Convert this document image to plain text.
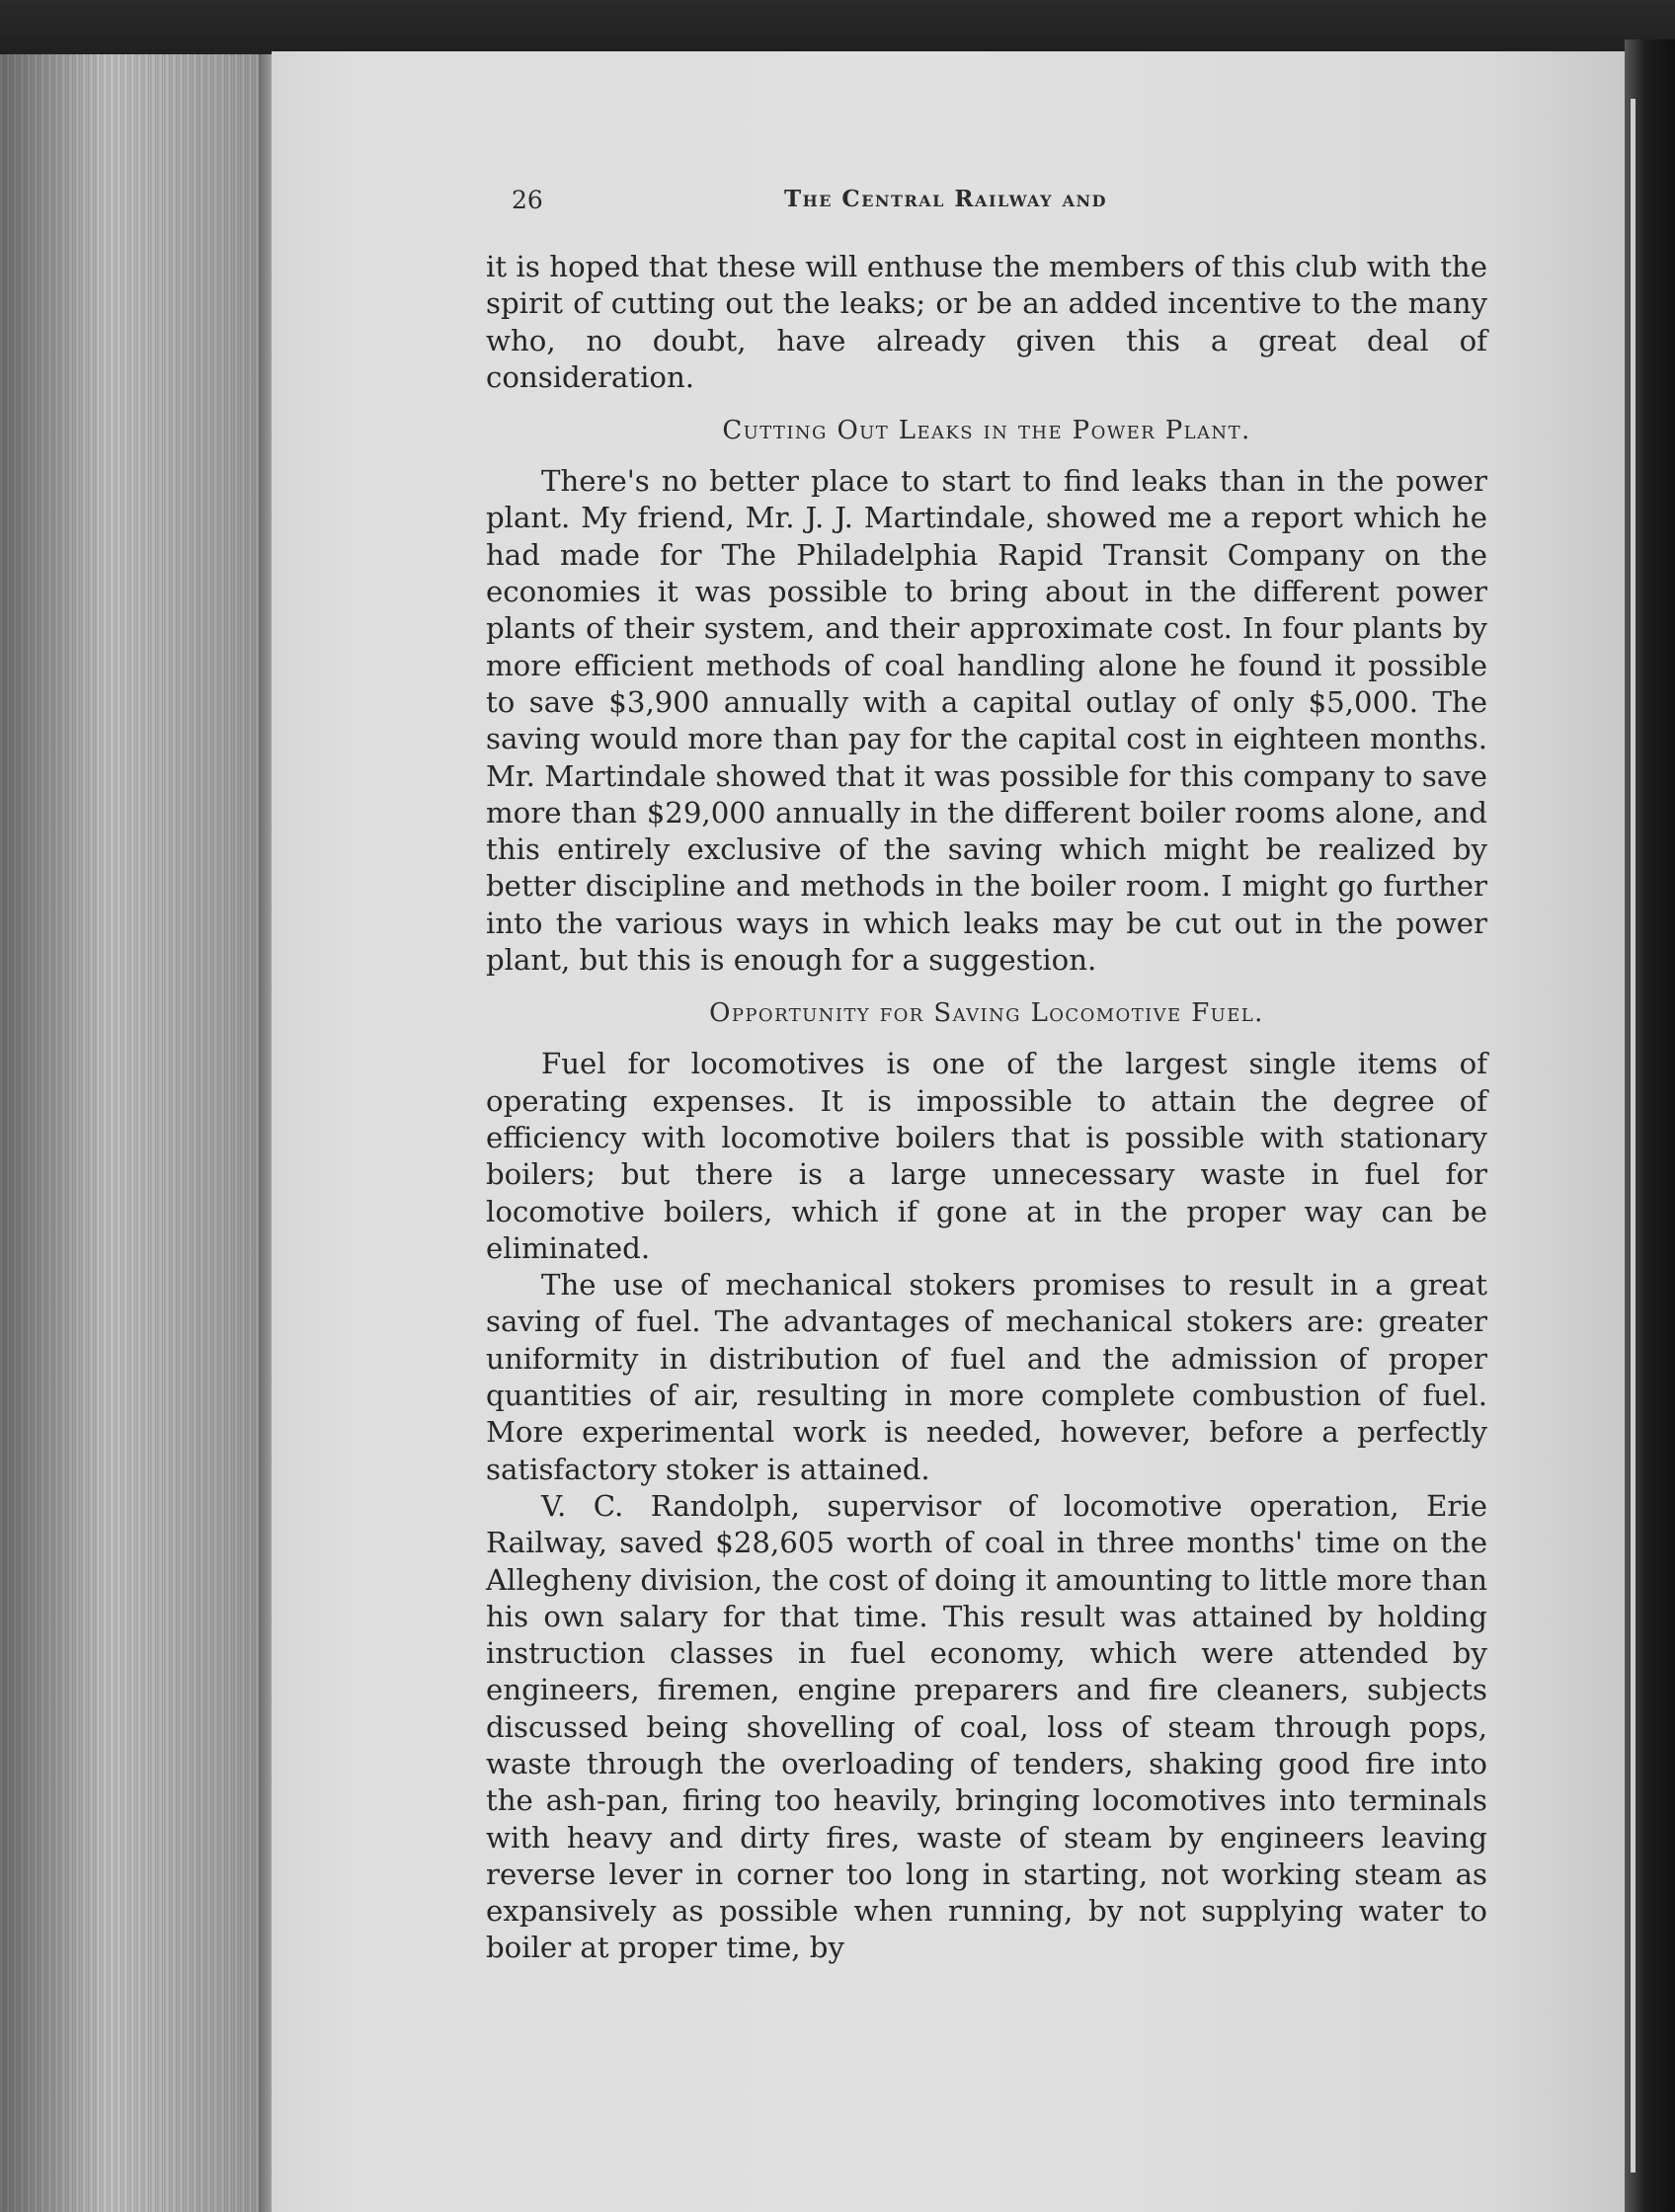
26	The Central Railway and

it is hoped that these will enthuse the members of this club with the spirit of cutting out the leaks; or be an added incentive to the many who, no doubt, have already given this a great deal of consideration.

Cutting Out Leaks in the Power Plant.

There's no better place to start to find leaks than in the power plant. My friend, Mr. J. J. Martindale, showed me a report which he had made for The Philadelphia Rapid Transit Company on the economies it was possible to bring about in the different power plants of their system, and their approximate cost. In four plants by more efficient methods of coal handling alone he found it possible to save $3,900 annually with a capital outlay of only $5,000. The saving would more than pay for the capital cost in eighteen months. Mr. Martindale showed that it was possible for this company to save more than $29,000 annually in the different boiler rooms alone, and this entirely exclusive of the saving which might be realized by better discipline and methods in the boiler room. I might go further into the various ways in which leaks may be cut out in the power plant, but this is enough for a suggestion.

Opportunity for Saving Locomotive Fuel.

Fuel for locomotives is one of the largest single items of operating expenses. It is impossible to attain the degree of efficiency with locomotive boilers that is possible with stationary boilers; but there is a large unnecessary waste in fuel for locomotive boilers, which if gone at in the proper way can be eliminated.

The use of mechanical stokers promises to result in a great saving of fuel. The advantages of mechanical stokers are: greater uniformity in distribution of fuel and the admission of proper quantities of air, resulting in more complete combustion of fuel. More experimental work is needed, however, before a perfectly satisfactory stoker is attained.

V. C. Randolph, supervisor of locomotive operation, Erie Railway, saved $28,605 worth of coal in three months' time on the Allegheny division, the cost of doing it amounting to little more than his own salary for that time. This result was attained by holding instruction classes in fuel economy, which were attended by engineers, firemen, engine preparers and fire cleaners, subjects discussed being shovelling of coal, loss of steam through pops, waste through the overloading of tenders, shaking good fire into the ash-pan, firing too heavily, bringing locomotives into terminals with heavy and dirty fires, waste of steam by engineers leaving reverse lever in corner too long in starting, not working steam as expansively as possible when running, by not supplying water to boiler at proper time, by
